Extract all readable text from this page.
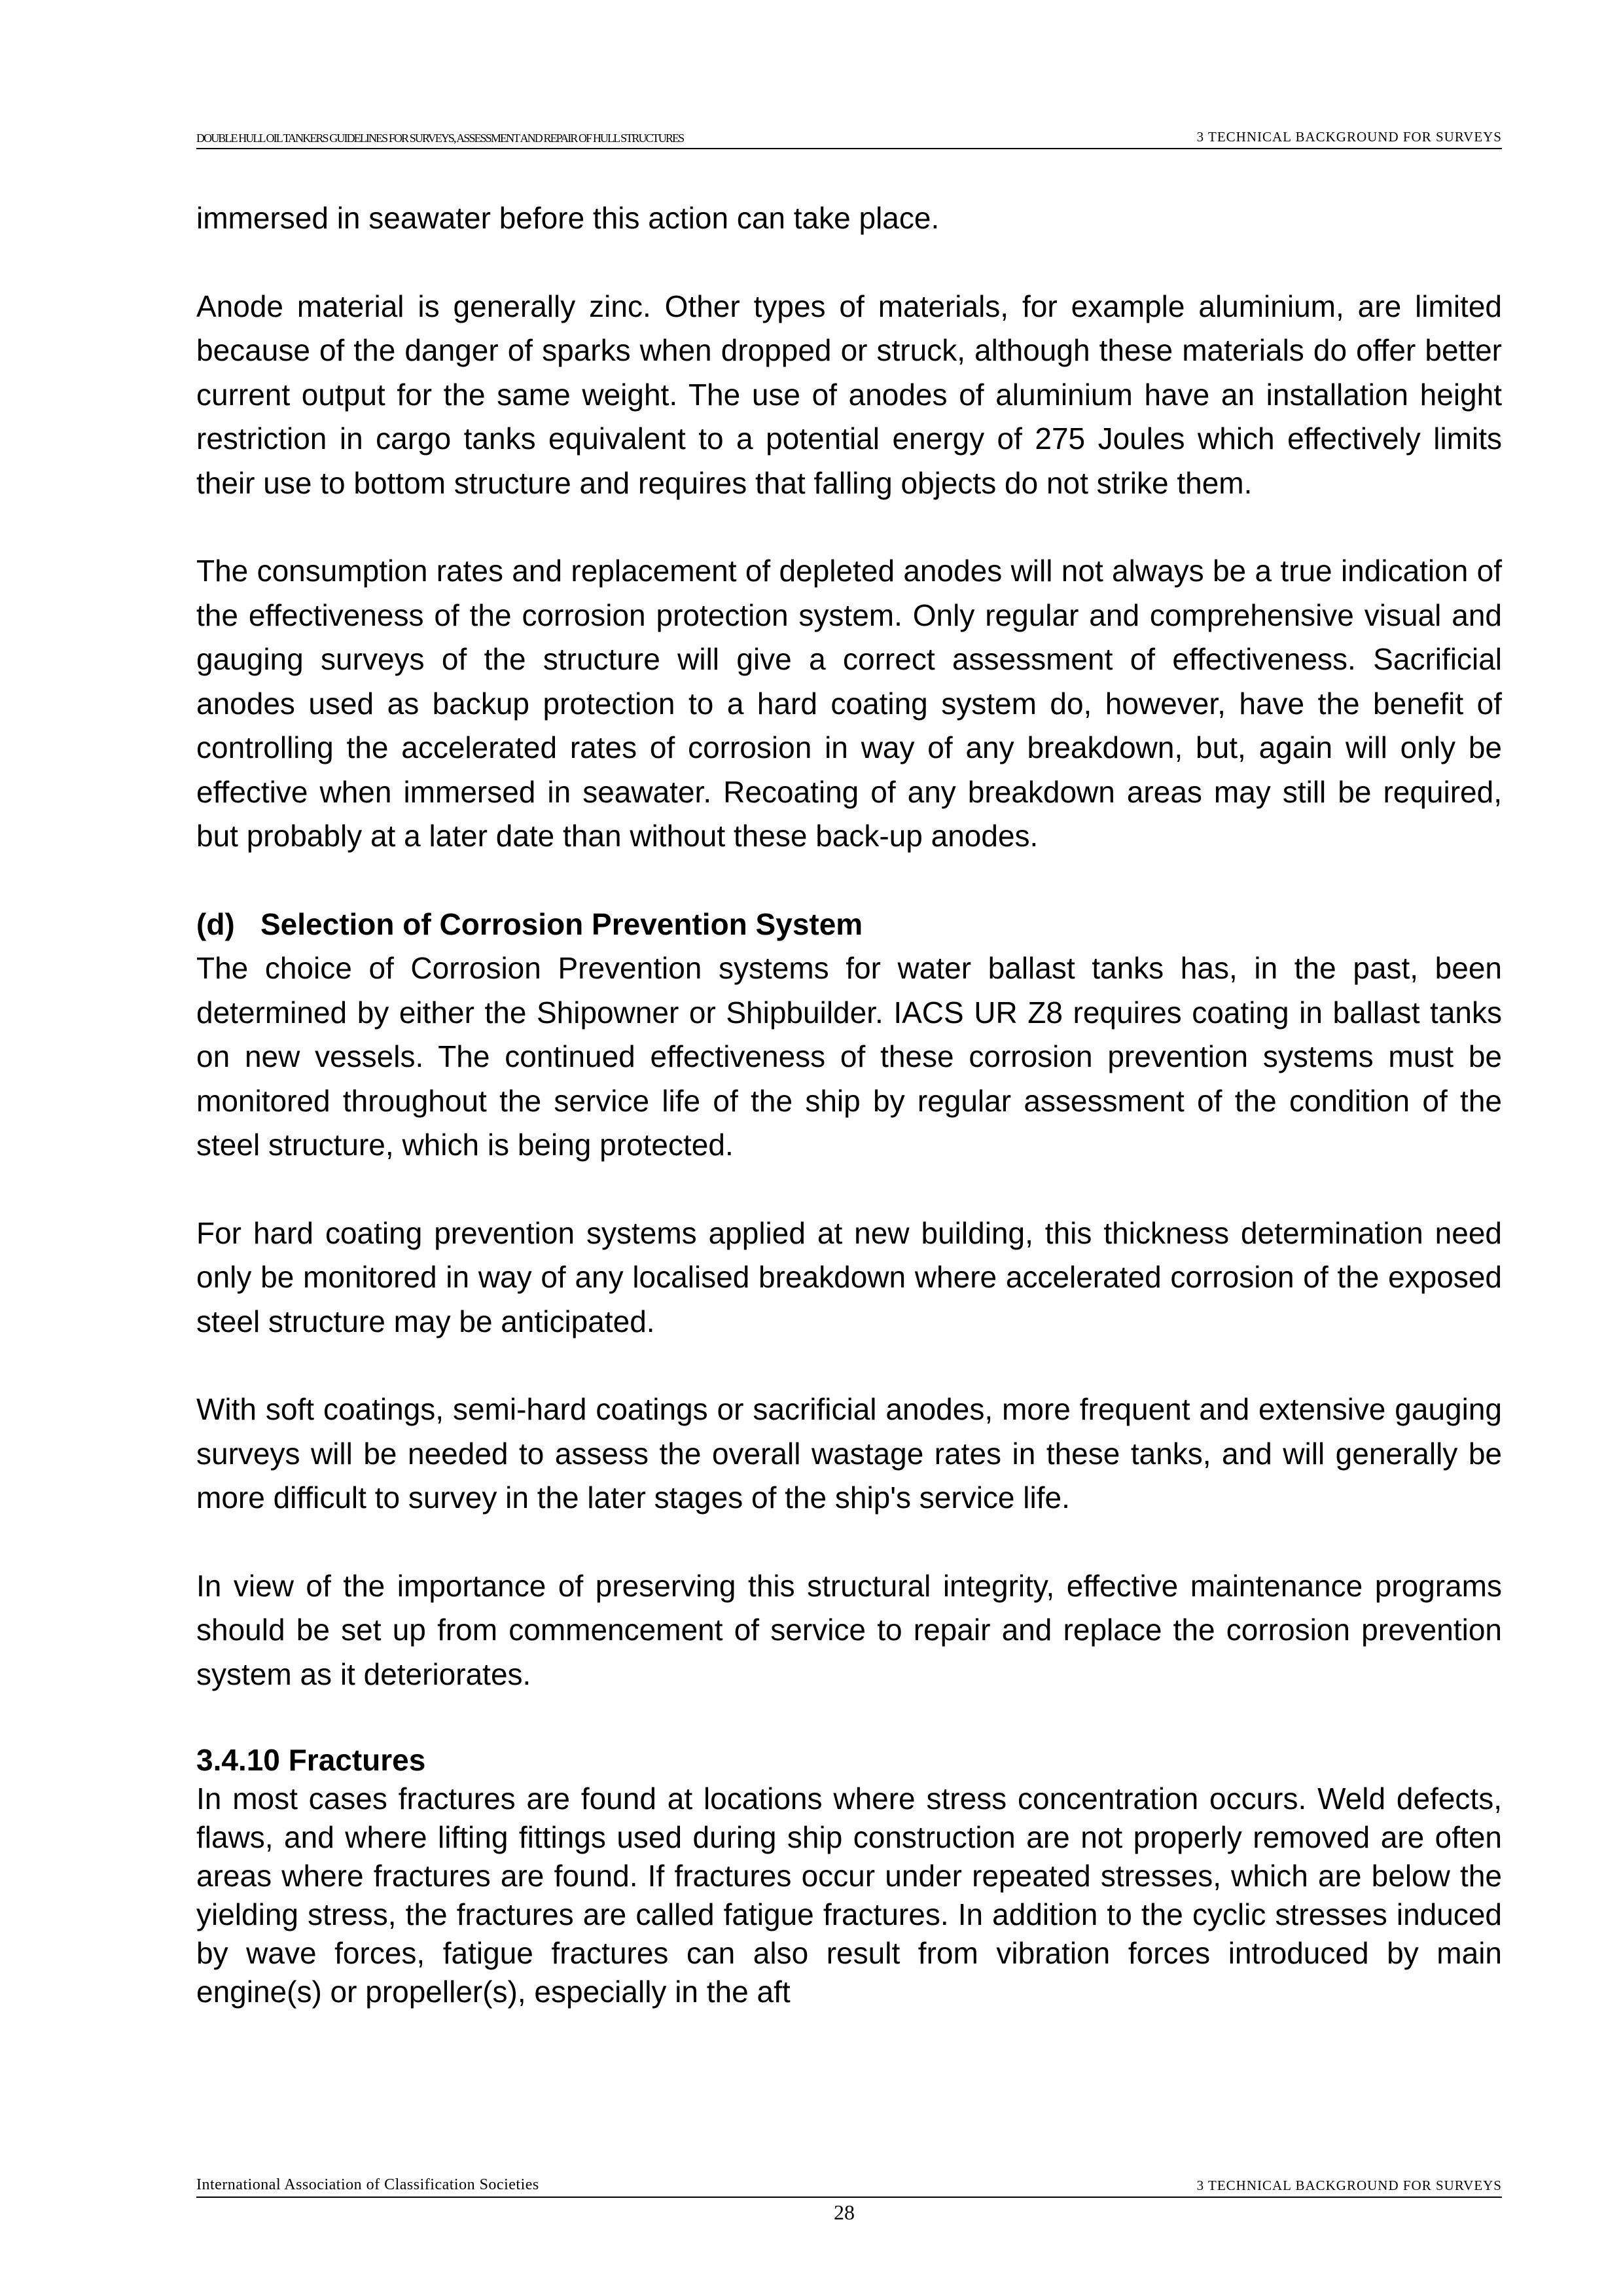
DOUBLE HULL OIL TANKERS GUIDELINES FOR SURVEYS, ASSESSMENT AND REPAIR OF HULL STRUCTURES	3 TECHNICAL BACKGROUND FOR SURVEYS

immersed in seawater before this action can take place.

Anode material is generally zinc. Other types of materials, for example aluminium, are limited because of the danger of sparks when dropped or struck, although these materials do offer better current output for the same weight. The use of anodes of aluminium have an installation height restriction in cargo tanks equivalent to a potential energy of 275 Joules which effectively limits their use to bottom structure and requires that falling objects do not strike them.

The consumption rates and replacement of depleted anodes will not always be a true indication of the effectiveness of the corrosion protection system. Only regular and comprehensive visual and gauging surveys of the structure will give a correct assessment of effectiveness. Sacrificial anodes used as backup protection to a hard coating system do, however, have the benefit of controlling the accelerated rates of corrosion in way of any breakdown, but, again will only be effective when immersed in seawater. Recoating of any breakdown areas may still be required, but probably at a later date than without these back-up anodes.

(d) Selection of Corrosion Prevention System

The choice of Corrosion Prevention systems for water ballast tanks has, in the past, been determined by either the Shipowner or Shipbuilder. IACS UR Z8 requires coating in ballast tanks on new vessels. The continued effectiveness of these corrosion prevention systems must be monitored throughout the service life of the ship by regular assessment of the condition of the steel structure, which is being protected.

For hard coating prevention systems applied at new building, this thickness determination need only be monitored in way of any localised breakdown where accelerated corrosion of the exposed steel structure may be anticipated.

With soft coatings, semi-hard coatings or sacrificial anodes, more frequent and extensive gauging surveys will be needed to assess the overall wastage rates in these tanks, and will generally be more difficult to survey in the later stages of the ship's service life.

In view of the importance of preserving this structural integrity, effective maintenance programs should be set up from commencement of service to repair and replace the corrosion prevention system as it deteriorates.

3.4.10 Fractures

In most cases fractures are found at locations where stress concentration occurs. Weld defects, flaws, and where lifting fittings used during ship construction are not properly removed are often areas where fractures are found. If fractures occur under repeated stresses, which are below the yielding stress, the fractures are called fatigue fractures. In addition to the cyclic stresses induced by wave forces, fatigue fractures can also result from vibration forces introduced by main engine(s) or propeller(s), especially in the aft

International Association of Classification Societies	3 TECHNICAL BACKGROUND FOR SURVEYS
28
